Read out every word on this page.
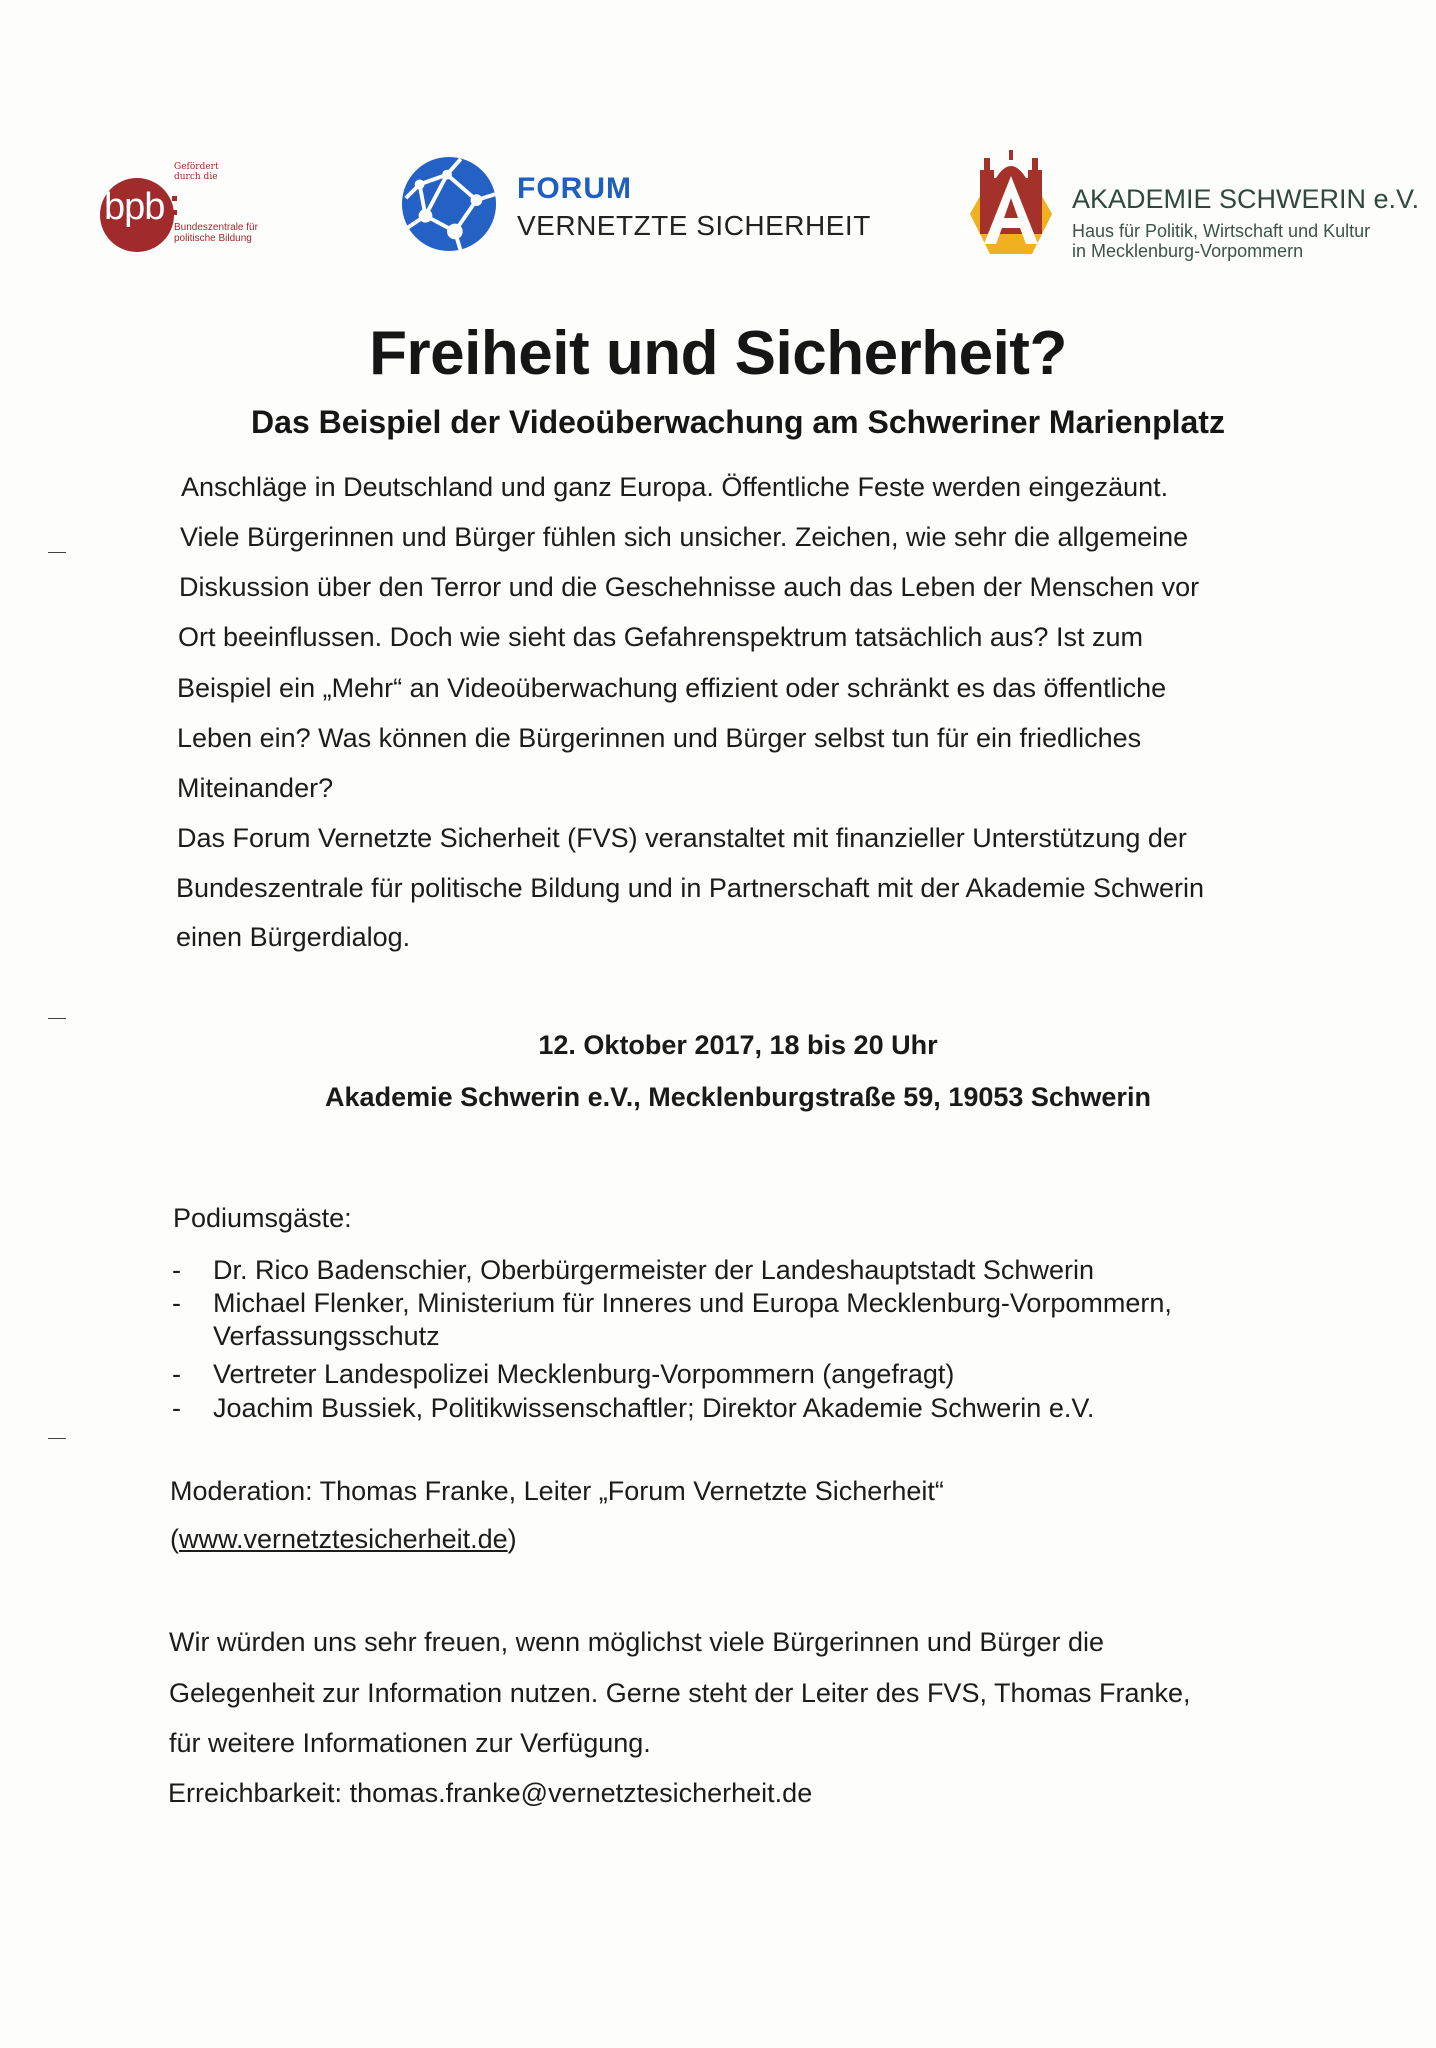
Gefördert
durch die
bpb Bundeszentrale für
politische Bildung
FORUM
VERNETZTE SICHERHEIT
AKADEMIE SCHWERIN e.V.
Haus für Politik, Wirtschaft und Kultur
in Mecklenburg-Vorpommern
Freiheit und Sicherheit?
Das Beispiel der Videoüberwachung am Schweriner Marienplatz
Anschläge in Deutschland und ganz Europa. Öffentliche Feste werden eingezäunt.
Viele Bürgerinnen und Bürger fühlen sich unsicher. Zeichen, wie sehr die allgemeine
Diskussion über den Terror und die Geschehnisse auch das Leben der Menschen vor
Ort beeinflussen. Doch wie sieht das Gefahrenspektrum tatsächlich aus? Ist zum
Beispiel ein „Mehr“ an Videoüberwachung effizient oder schränkt es das öffentliche
Leben ein? Was können die Bürgerinnen und Bürger selbst tun für ein friedliches
Miteinander?
Das Forum Vernetzte Sicherheit (FVS) veranstaltet mit finanzieller Unterstützung der
Bundeszentrale für politische Bildung und in Partnerschaft mit der Akademie Schwerin
einen Bürgerdialog.
12. Oktober 2017, 18 bis 20 Uhr
Akademie Schwerin e.V., Mecklenburgstraße 59, 19053 Schwerin
Podiumsgäste:
- Dr. Rico Badenschier, Oberbürgermeister der Landeshauptstadt Schwerin
- Michael Flenker, Ministerium für Inneres und Europa Mecklenburg-Vorpommern,
Verfassungsschutz
- Vertreter Landespolizei Mecklenburg-Vorpommern (angefragt)
- Joachim Bussiek, Politikwissenschaftler; Direktor Akademie Schwerin e.V.
Moderation: Thomas Franke, Leiter „Forum Vernetzte Sicherheit“
(www.vernetztesicherheit.de)
Wir würden uns sehr freuen, wenn möglichst viele Bürgerinnen und Bürger die
Gelegenheit zur Information nutzen. Gerne steht der Leiter des FVS, Thomas Franke,
für weitere Informationen zur Verfügung.
Erreichbarkeit: thomas.franke@vernetztesicherheit.de
